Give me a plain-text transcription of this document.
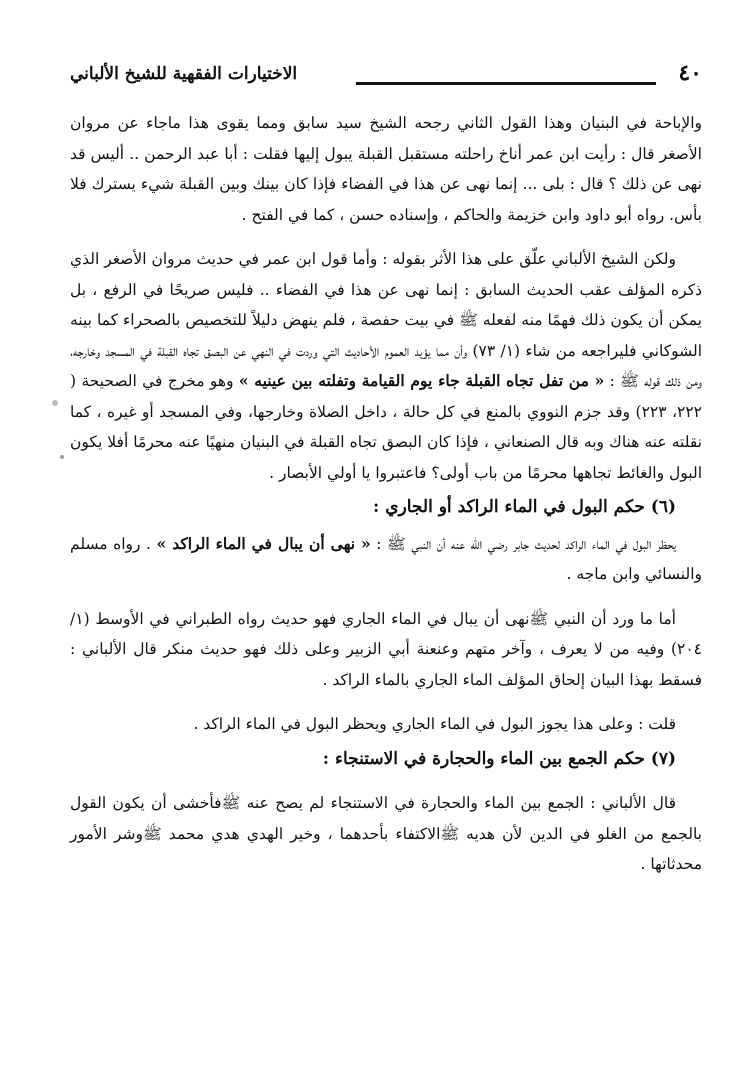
٤٠
الاختيارات الفقهية للشيخ الألباني

والإباحة في البنيان وهذا القول الثاني رجحه الشيخ سيد سابق ومما يقوى هذا ماجاء عن مروان الأصغر قال : رأيت ابن عمر أناخ راحلته مستقبل القبلة يبول إليها فقلت : أبا عبد الرحمن .. أليس قد نهى عن ذلك ؟ قال : بلى ... إنما نهى عن هذا في الفضاء فإذا كان بينك وبين القبلة شيء يسترك فلا بأس. رواه أبو داود وابن خزيمة والحاكم ، وإسناده حسن ، كما في الفتح .

ولكن الشيخ الألباني علّق على هذا الأثر بقوله : وأما قول ابن عمر في حديث مروان الأصغر الذي ذكره المؤلف عقب الحديث السابق : إنما نهى عن هذا في الفضاء .. فليس صريحًا في الرفع ، بل يمكن أن يكون ذلك فهمًا منه لفعله ﷺ في بيت حفصة ، فلم ينهض دليلاً للتخصيص بالصحراء كما بينه الشوكاني فليراجعه من شاء (١/ ٧٣) وأن مما يؤيد العموم الأحاديث التي وردت في النهي عن البصق تجاه القبلة في المسجد وخارجه، ومن ذلك قوله ﷺ : « من تفل تجاه القبلة جاء يوم القيامة وتفلته بين عينيه » وهو مخرج في الصحيحة ( ٢٢٢، ٢٢٣) وقد جزم النووي بالمنع في كل حالة ، داخل الصلاة وخارجها، وفي المسجد أو غيره ، كما نقلته عنه هناك وبه قال الصنعاني ، فإذا كان البصق تجاه القبلة في البنيان منهيًا عنه محرمًا أفلا يكون البول والغائط تجاهها محرمًا من باب أولى؟ فاعتبروا يا أولي الأبصار .

(٦) حكم البول في الماء الراكد أو الجاري :

يحظر البول في الماء الراكد لحديث جابر رضي الله عنه أن النبي ﷺ : « نهى أن يبال في الماء الراكد » . رواه مسلم والنسائي وابن ماجه .

أما ما ورد أن النبي ﷺنهى أن يبال في الماء الجاري فهو حديث رواه الطبراني في الأوسط (١/ ٢٠٤) وفيه من لا يعرف ، وآخر متهم وعنعنة أبي الزبير وعلى ذلك فهو حديث منكر قال الألباني : فسقط بهذا البيان إلحاق المؤلف الماء الجاري بالماء الراكد .

قلت : وعلى هذا يجوز البول في الماء الجاري ويحظر البول في الماء الراكد .

(٧) حكم الجمع بين الماء والحجارة في الاستنجاء :

قال الألباني : الجمع بين الماء والحجارة في الاستنجاء لم يصح عنه ﷺفأخشى أن يكون القول بالجمع من الغلو في الدين لأن هديه ﷺالاكتفاء بأحدهما ، وخير الهدي هدي محمد ﷺوشر الأمور محدثاتها .
